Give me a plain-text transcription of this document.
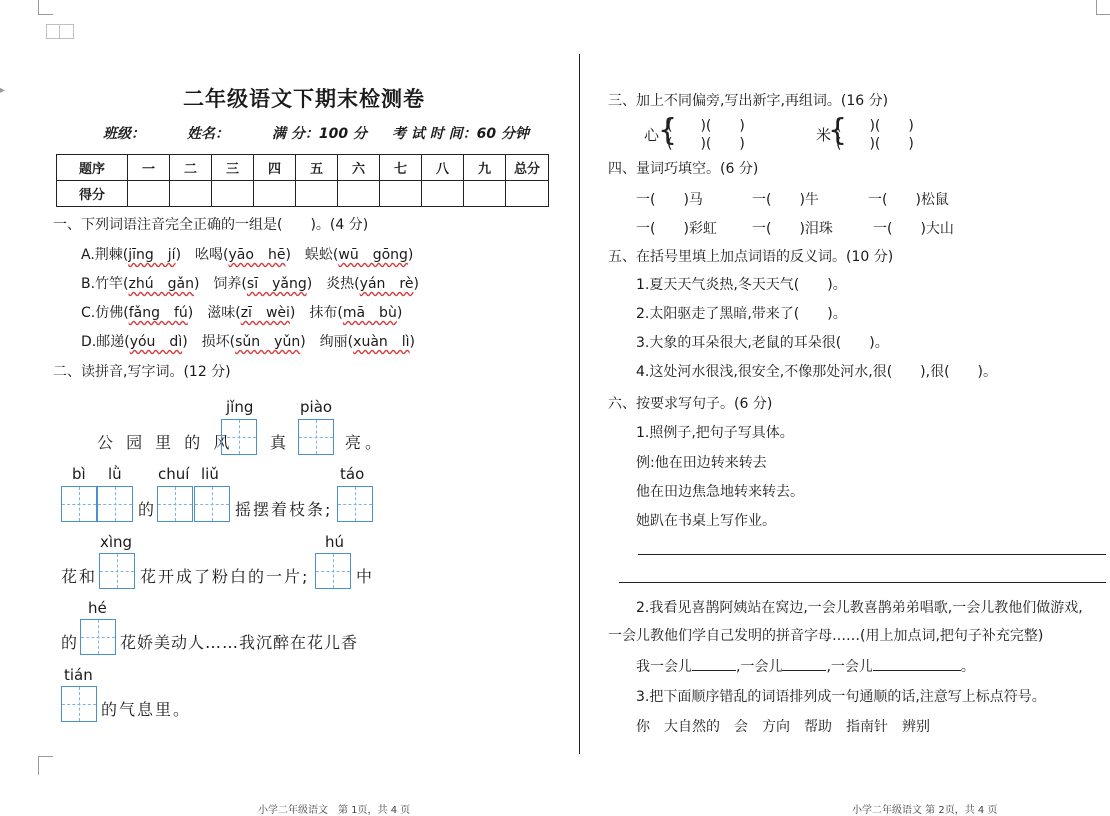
▸	二年级语文下期末检测卷
班级：	姓名：	满 分：100 分 考 试 时 间：60 分钟
题序	一	二	三	四	五	六	七	八	九	总分
得分										
一、下列词语注音完全正确的一组是(　　)。(4 分)
A.荆棘(jīng　jí)　吆喝(yāo　hē)　蜈蚣(wū　gōng)
B.竹竿(zhú　gǎn)　饲养(sī　yǎng)　炎热(yán　rè)
C.仿佛(fǎng　fú)　滋味(zī　wèi)　抹布(mā　bù)
D.邮递(yóu　dì)　损坏(sǔn　yǔn)　绚丽(xuàn　lì)
二、读拼音,写字词。(12 分)
jǐng	piào
公 园 里 的 风 真	亮。
bì lǜ chuí liǔ	táo
的	摇摆着枝条;
xìng	hú
花和	花开成了粉白的一片;	中
hé
的 花娇美动人……我沉醉在花儿香
tián
的气息里。
三、加上不同偏旁,写出新字,再组词。(16 分)
心
{
(　　)(　　)
(　　)(　　)	米
{
(　　)(　　)
(　　)(　　)
四、量词巧填空。(6 分)
一(　　)马	一(　　)牛	一(　　)松鼠
一(　　)彩虹	一(　　)泪珠	一(　　)大山
五、在括号里填上加点词语的反义词。(10 分)
1.夏天天气炎热,冬天天气(　　)。
2.太阳驱走了黑暗,带来了(　　)。
3.大象的耳朵很大,老鼠的耳朵很(　　)。
4.这处河水很浅,很安全,不像那处河水,很(　　),很(　　)。
六、按要求写句子。(6 分)
1.照例子,把句子写具体。
例:他在田边转来转去
他在田边焦急地转来转去。
她趴在书桌上写作业。
2.我看见喜鹊阿姨站在窝边,一会儿教喜鹊弟弟唱歌,一会儿教他们做游戏,
一会儿教他们学自己发明的拼音字母……(用上加点词,把句子补充完整)
我一会儿	,一会儿	,一会儿	。
3.把下面顺序错乱的词语排列成一句通顺的话,注意写上标点符号。
你 大自然的 会 方向 帮助 指南针 辨别
小学二年级语文　第 1页，共 4 页	小学二年级语文 第 2页，共 4 页
